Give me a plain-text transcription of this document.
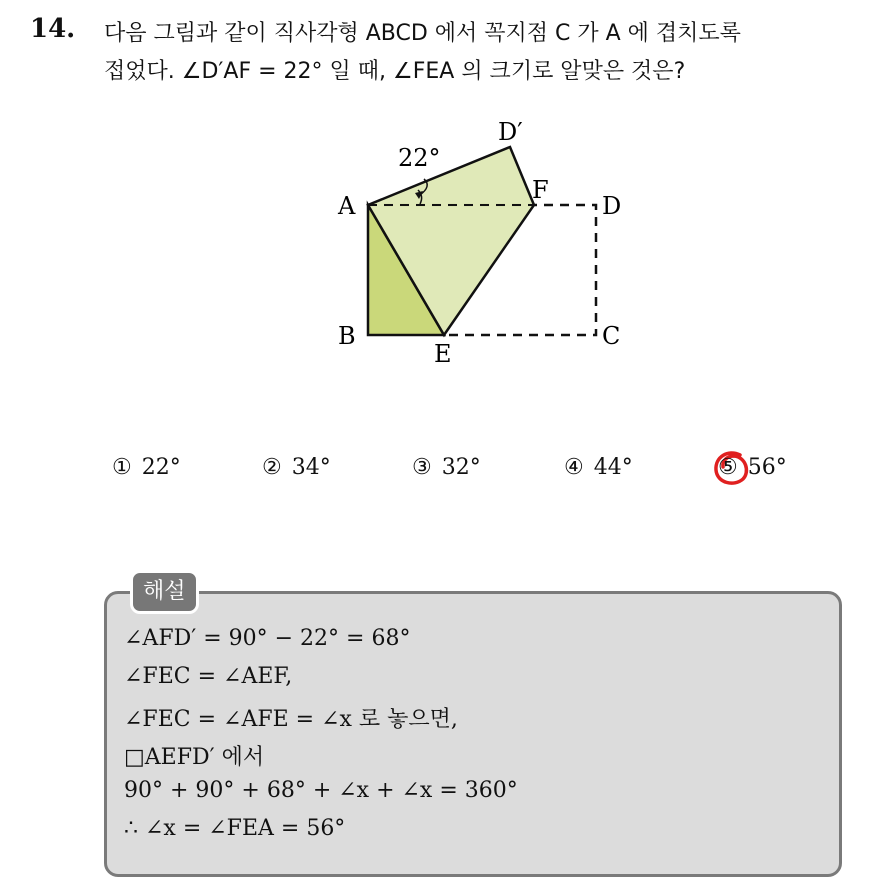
14. 다음 그림과 같이 직사각형 ABCD 에서 꼭지점 C 가 A 에 겹치도록
접었다. ∠D′AF = 22° 일 때, ∠FEA 의 크기로 알맞은 것은?
A
B
E
C
D
F
D′
22°
① 22°	② 34°	③ 32°	④ 44°	⑤ 56°
해설
∠AFD′ = 90° − 22° = 68°
∠FEC = ∠AEF,
∠FEC = ∠AFE = ∠x 로 놓으면,
□AEFD′ 에서
90° + 90° + 68° + ∠x + ∠x = 360°
∴ ∠x = ∠FEA = 56°
